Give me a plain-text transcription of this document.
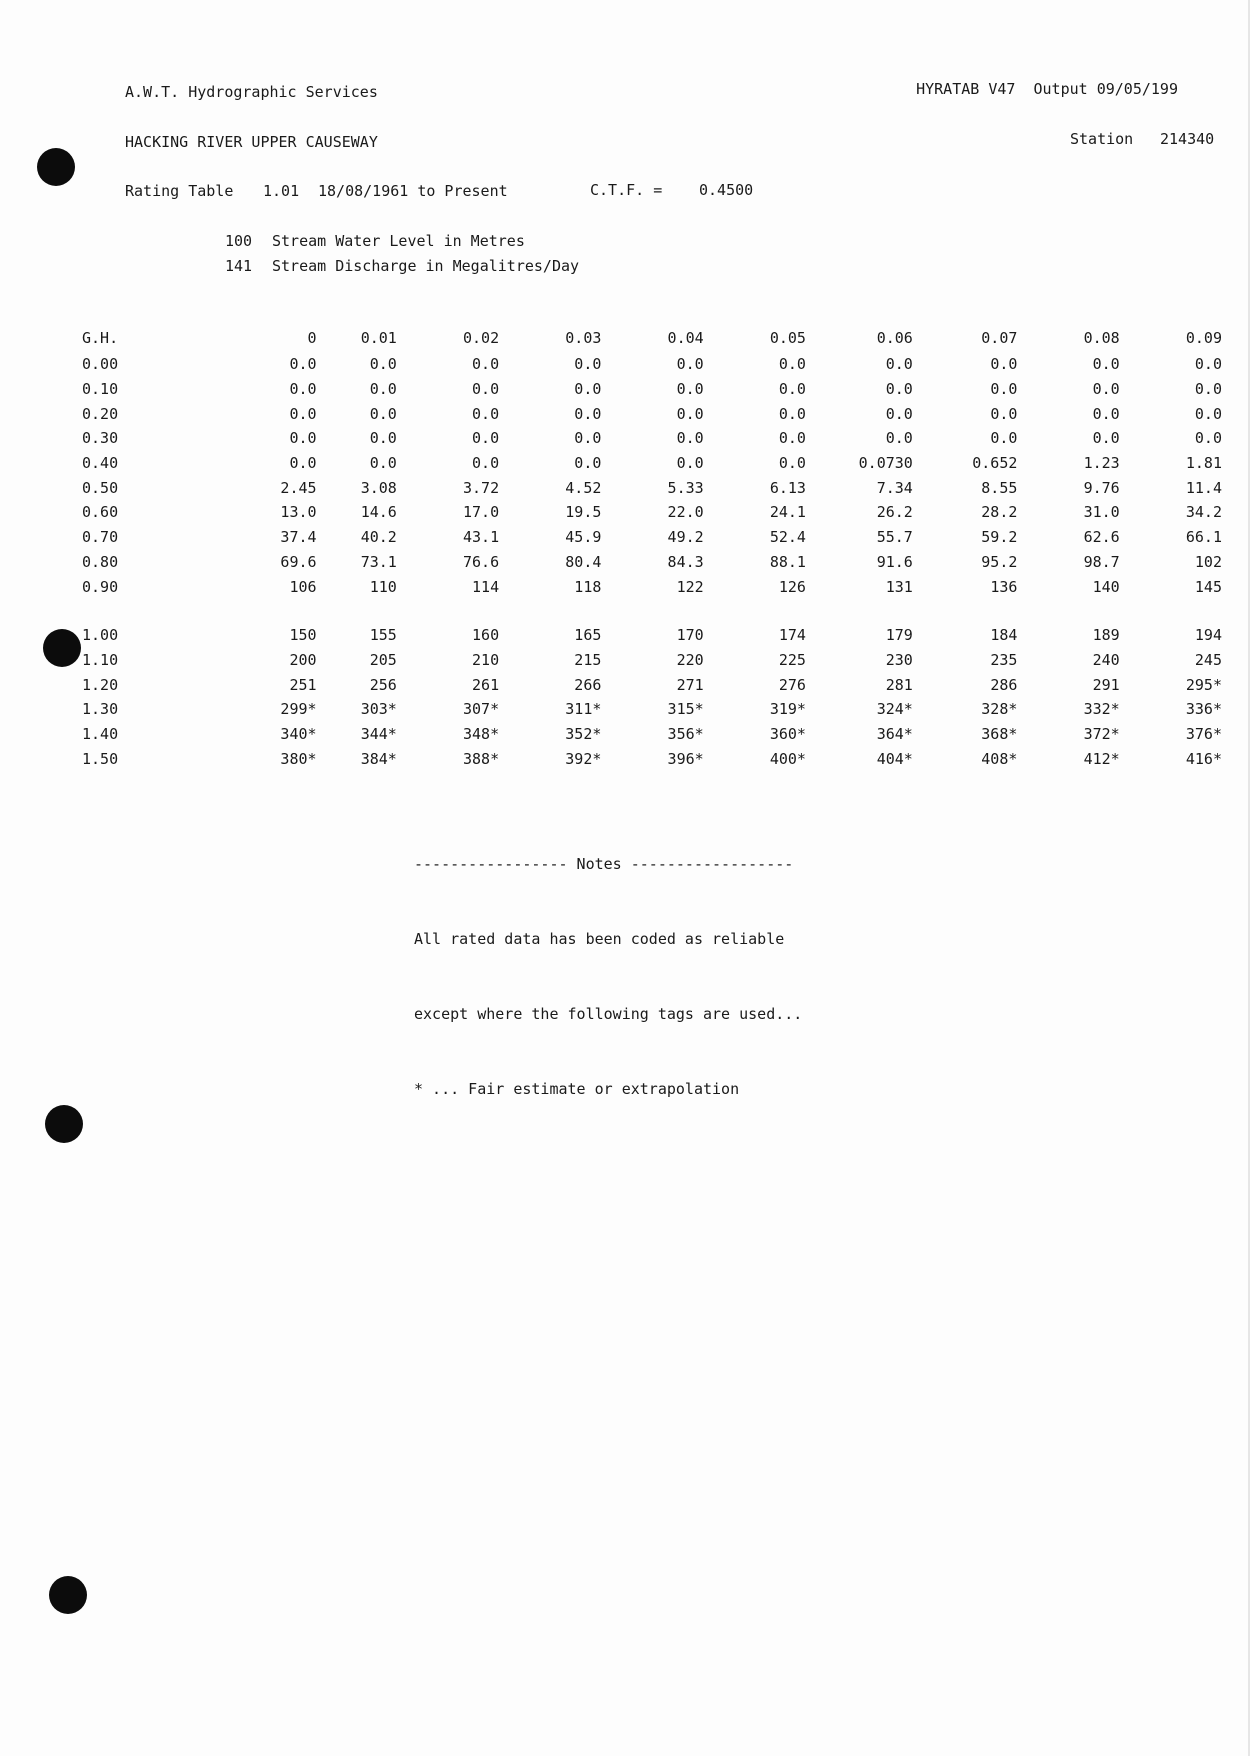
A.W.T. Hydrographic Services	HYRATAB V47  Output 09/05/199
HACKING RIVER UPPER CAUSEWAY	Station 214340
Rating Table 1.01 18/08/1961 to Present	C.T.F. = 0.4500
100 Stream Water Level in Metres
141 Stream Discharge in Megalitres/Day
G.H.	0	0.01	0.02	0.03	0.04	0.05	0.06	0.07	0.08	0.09
0.00	0.0	0.0	0.0	0.0	0.0	0.0	0.0	0.0	0.0	0.0
0.10	0.0	0.0	0.0	0.0	0.0	0.0	0.0	0.0	0.0	0.0
0.20	0.0	0.0	0.0	0.0	0.0	0.0	0.0	0.0	0.0	0.0
0.30	0.0	0.0	0.0	0.0	0.0	0.0	0.0	0.0	0.0	0.0
0.40	0.0	0.0	0.0	0.0	0.0	0.0	0.0730	0.652	1.23	1.81
0.50	2.45	3.08	3.72	4.52	5.33	6.13	7.34	8.55	9.76	11.4
0.60	13.0	14.6	17.0	19.5	22.0	24.1	26.2	28.2	31.0	34.2
0.70	37.4	40.2	43.1	45.9	49.2	52.4	55.7	59.2	62.6	66.1
0.80	69.6	73.1	76.6	80.4	84.3	88.1	91.6	95.2	98.7	102
0.90	106	110	114	118	122	126	131	136	140	145

1.00	150	155	160	165	170	174	179	184	189	194
1.10	200	205	210	215	220	225	230	235	240	245
1.20	251	256	261	266	271	276	281	286	291	295*
1.30	299*	303*	307*	311*	315*	319*	324*	328*	332*	336*
1.40	340*	344*	348*	352*	356*	360*	364*	368*	372*	376*
1.50	380*	384*	388*	392*	396*	400*	404*	408*	412*	416*

----------------- Notes ------------------

All rated data has been coded as reliable

except where the following tags are used...

* ... Fair estimate or extrapolation
